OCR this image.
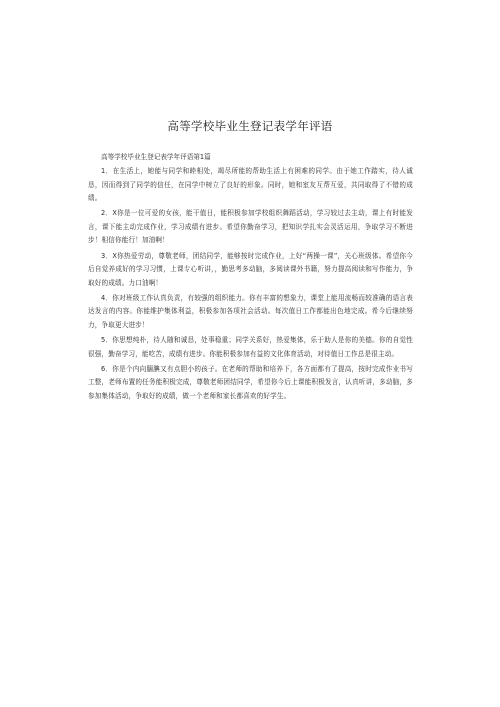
高等学校毕业生登记表学年评语

高等学校毕业生登记表学年评语第1篇

1．在生活上，她能与同学和睦相处，竭尽所能的帮助生活上有困难的同学。由于她工作踏实，待人诚恳，因而得到了同学的信任，在同学中树立了良好的形象。同时，她和室友互帮互爱，共同取得了不错的成绩。

2．X你是一位可爱的女孩，能干值日，能积极参加学校组织舞蹈活动，学习较过去主动，课上有时能发言，课下能主动完成作业，学习成绩有进步。希望你勤奋学习，把知识学扎实会灵活运用，争取学习不断进步！相信你能行！加油啊！

3．X你热爱劳动，尊敬老师，团结同学，能够按时完成作业，上好“两操一课”，关心班级体。希望你今后自觉养成好的学习习惯，上课专心听讲，，勤思考多动脑，多阅读课外书籍，努力提高阅读和写作能力，争取好的成绩。力口油啊！

4．你对班级工作认真负责，有较强的组织能力。你有丰富的想象力，课堂上能用流畅而较准确的语言表达发言的内容。你能维护集体利益，积极参加各项社会活动。每次值日工作都能出色地完成。希今后继续努力，争取更大进步！

5．你思想纯朴，待人随和诚恳，处事稳重；同学关系好，热爱集体，乐于助人是你的美德。你的自觉性很强，勤奋学习，能吃苦，成绩有进步。你能积极参加有益的文化体育活动，对待值日工作总是很主动。

6．你是个内向腼腆又有点胆小的孩子。在老师的帮助和培养下，各方面都有了提高，按时完成作业书写工整，老师布置的任务能积极完成，尊敬老师团结同学，希望你今后上课能积极发言，认真听讲，多动脑，多参加集体活动，争取好的成绩，做一个老师和家长都喜欢的好学生。
